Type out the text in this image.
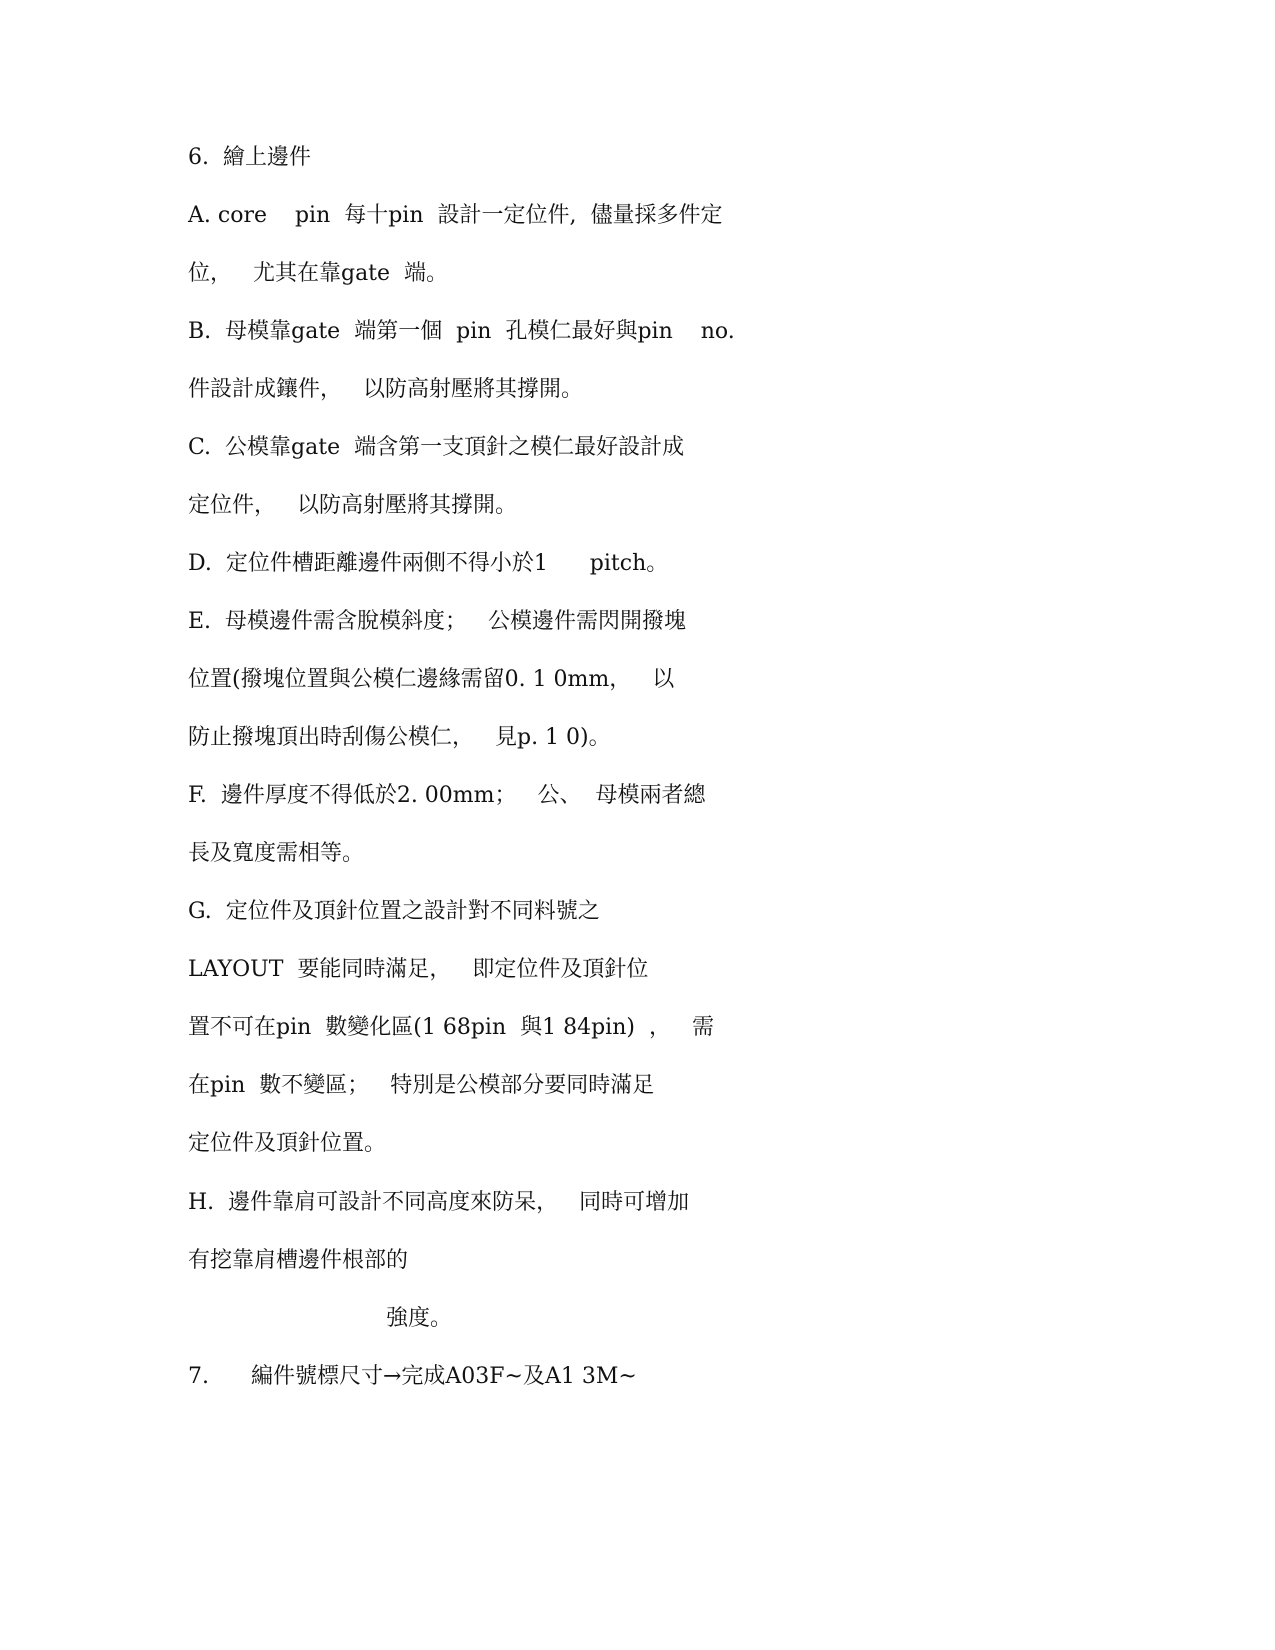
6.  繪上邊件

A. core    pin  每十pin  設計一定位件,  儘量採多件定

位，   尤其在靠gate  端。

B.  母模靠gate  端第一個  pin  孔模仁最好與pin    no.

件設計成鑲件，   以防高射壓將其撐開。

C.  公模靠gate  端含第一支頂針之模仁最好設計成

定位件，   以防高射壓將其撐開。

D.  定位件槽距離邊件兩側不得小於1      pitch。

E.  母模邊件需含脫模斜度；   公模邊件需閃開撥塊

位置(撥塊位置與公模仁邊緣需留0. 1 0mm，   以

防止撥塊頂出時刮傷公模仁，   見p. 1 0)。

F.  邊件厚度不得低於2. 00mm；   公、  母模兩者總

長及寬度需相等。

G.  定位件及頂針位置之設計對不同料號之

LAYOUT  要能同時滿足，   即定位件及頂針位

置不可在pin  數變化區(1 68pin  與1 84pin)  ，   需

在pin  數不變區；   特別是公模部分要同時滿足

定位件及頂針位置。

H.  邊件靠肩可設計不同高度來防呆，   同時可增加

有挖靠肩槽邊件根部的

強度。

7.      編件號標尺寸→完成A03F~及A1 3M~
